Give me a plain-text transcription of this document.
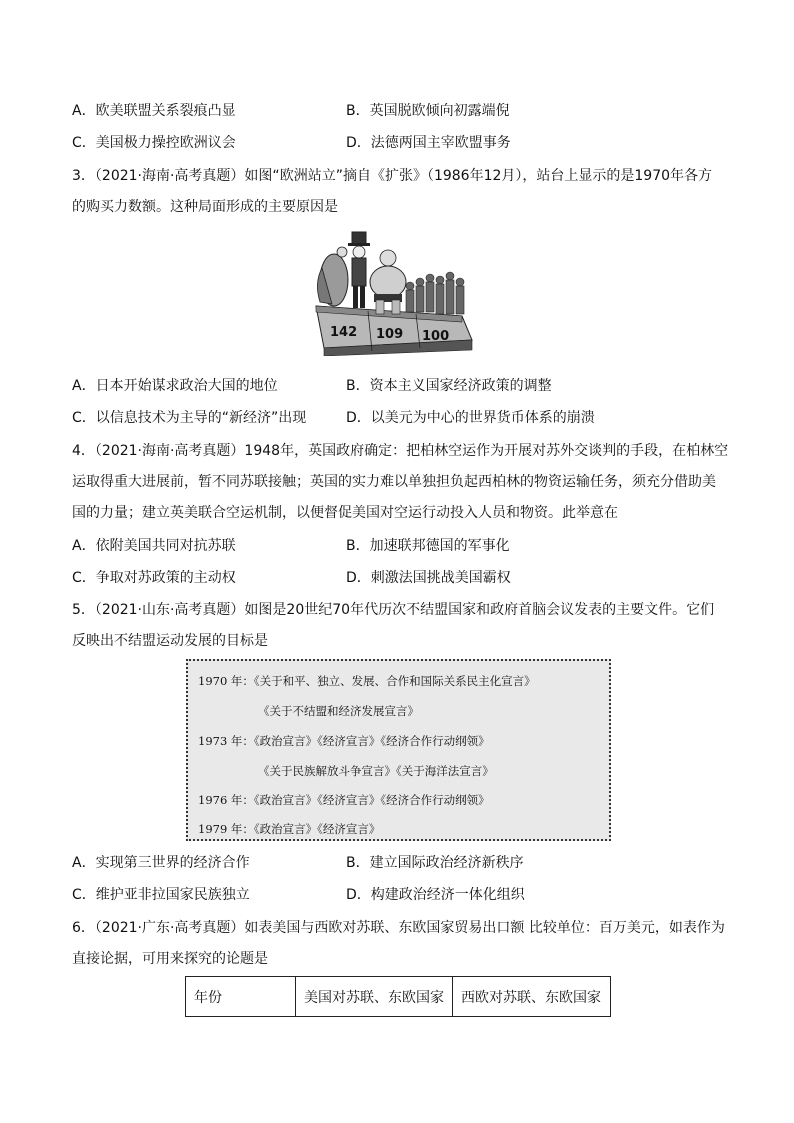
A．欧美联盟关系裂痕凸显	B．英国脱欧倾向初露端倪
C．美国极力操控欧洲议会	D．法德两国主宰欧盟事务
3．（2021·海南·高考真题）如图“欧洲站立”摘自《扩张》（1986年12月），站台上显示的是1970年各方
的购买力数额。这种局面形成的主要原因是
142 109 100
A．日本开始谋求政治大国的地位	B．资本主义国家经济政策的调整
C．以信息技术为主导的“新经济”出现	D．以美元为中心的世界货币体系的崩溃
4．（2021·海南·高考真题）1948年，英国政府确定：把柏林空运作为开展对苏外交谈判的手段，在柏林空
运取得重大进展前，暂不同苏联接触；英国的实力难以单独担负起西柏林的物资运输任务，须充分借助美
国的力量；建立英美联合空运机制，以便督促美国对空运行动投入人员和物资。此举意在
A．依附美国共同对抗苏联	B．加速联邦德国的军事化
C．争取对苏政策的主动权	D．刺激法国挑战美国霸权
5．（2021·山东·高考真题）如图是20世纪70年代历次不结盟国家和政府首脑会议发表的主要文件。它们
反映出不结盟运动发展的目标是
1970 年：《关于和平、独立、发展、合作和国际关系民主化宣言》
《关于不结盟和经济发展宣言》
1973 年：《政治宣言》《经济宣言》《经济合作行动纲领》
《关于民族解放斗争宣言》《关于海洋法宣言》
1976 年：《政治宣言》《经济宣言》《经济合作行动纲领》
1979 年：《政治宣言》《经济宣言》
A．实现第三世界的经济合作	B．建立国际政治经济新秩序
C．维护亚非拉国家民族独立	D．构建政治经济一体化组织
6．（2021·广东·高考真题）如表美国与西欧对苏联、东欧国家贸易出口额 比较单位：百万美元，如表作为
直接论据，可用来探究的论题是
年份	美国对苏联、东欧国家	西欧对苏联、东欧国家
